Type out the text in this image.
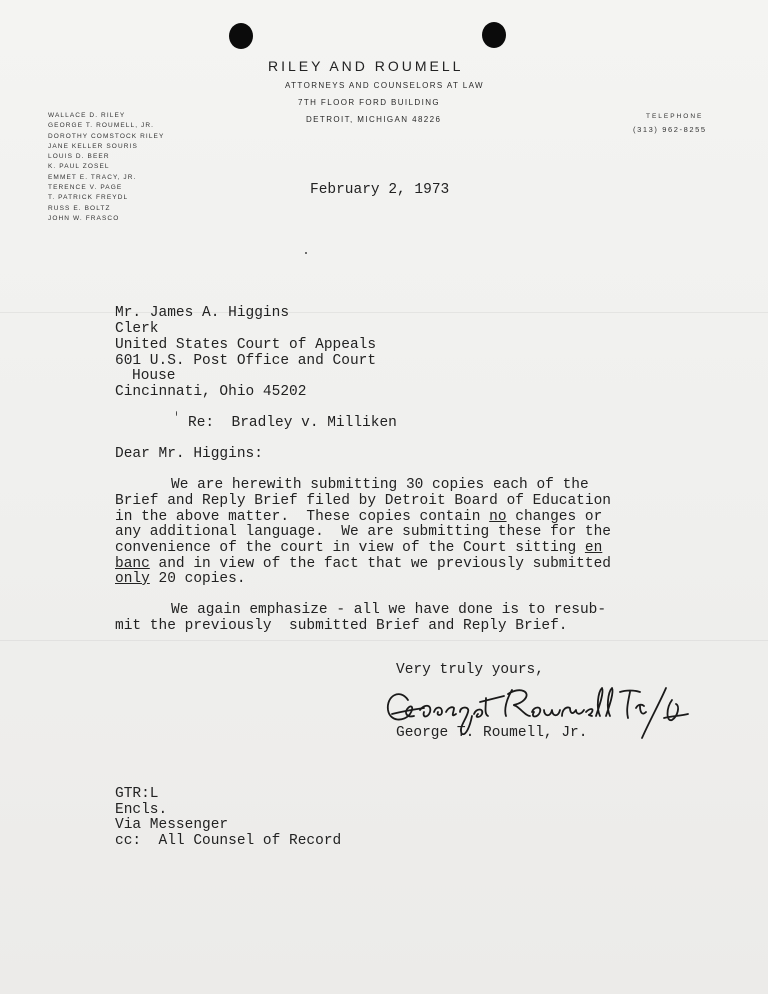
RILEY AND ROUMELL
ATTORNEYS AND COUNSELORS AT LAW
7TH FLOOR FORD BUILDING
DETROIT, MICHIGAN 48226
WALLACE D. RILEY
GEORGE T. ROUMELL, JR.
DOROTHY COMSTOCK RILEY
JANE KELLER SOURIS
LOUIS D. BEER
K. PAUL ZOSEL
EMMET E. TRACY, JR.
TERENCE V. PAGE
T. PATRICK FREYDL
RUSS E. BOLTZ
JOHN W. FRASCO
TELEPHONE
(313) 962-8255
February 2, 1973
Mr. James A. Higgins
Clerk
United States Court of Appeals
601 U.S. Post Office and Court
House
Cincinnati, Ohio 45202
Re: Bradley v. Milliken
Dear Mr. Higgins:
We are herewith submitting 30 copies each of the
Brief and Reply Brief filed by Detroit Board of Education
in the above matter.  These copies contain no changes or
any additional language.  We are submitting these for the
convenience of the court in view of the Court sitting en
banc and in view of the fact that we previously submitted
only 20 copies.
We again emphasize - all we have done is to resub-
mit the previously  submitted Brief and Reply Brief.
Very truly yours,
George T. Roumell, Jr.
GTR:L
Encls.
Via Messenger
cc:  All Counsel of Record
